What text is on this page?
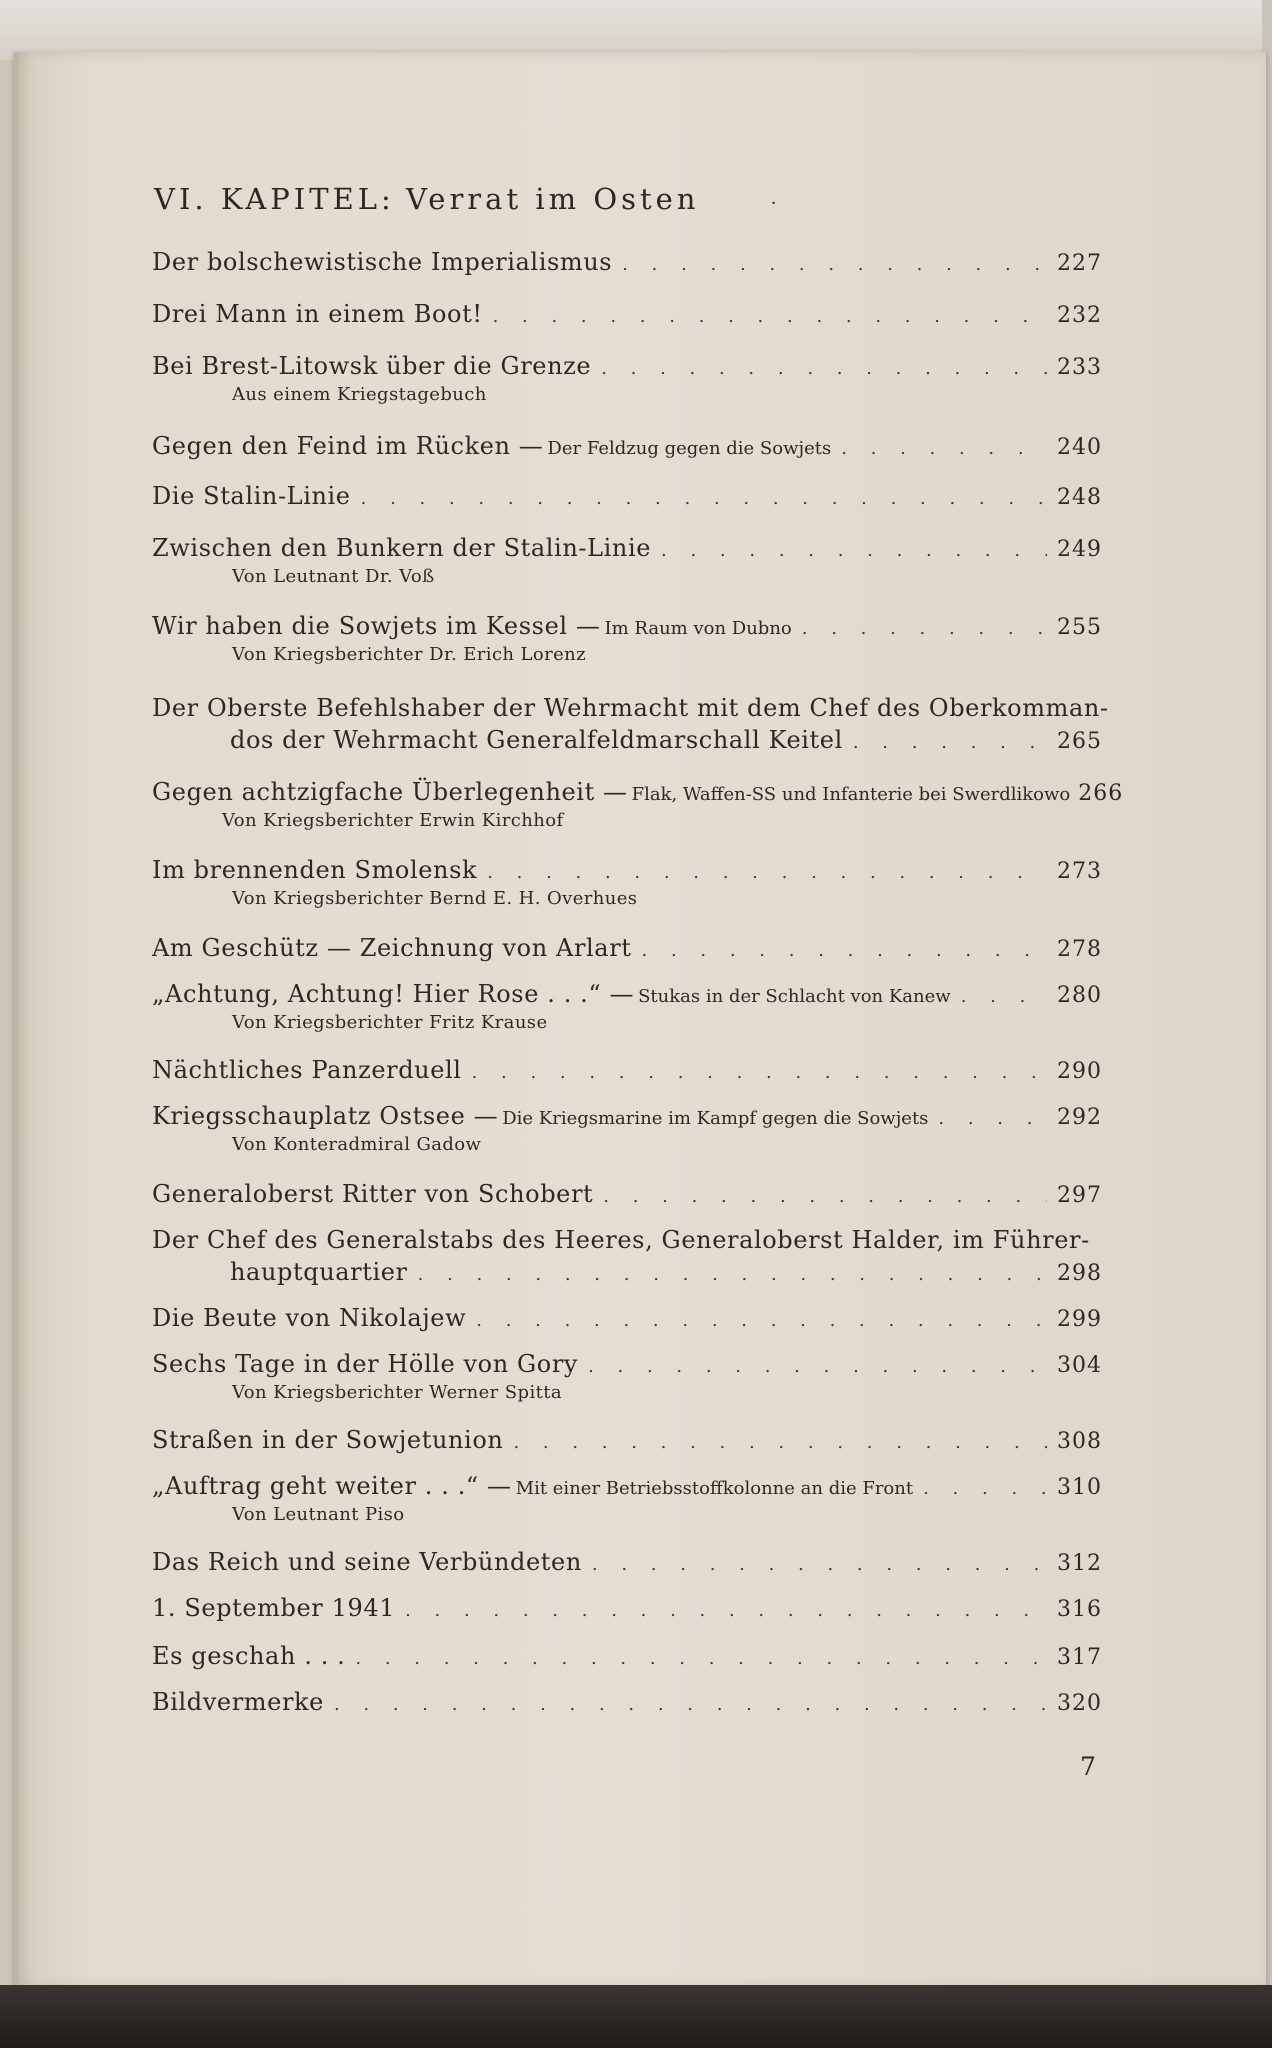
VI. KAPITEL: Verrat im Osten	·
Der bolschewistische Imperialismus . . .	227
Drei Mann in einem Boot! . . .	232
Bei Brest-Litowsk über die Grenze . . .	233
Aus einem Kriegstagebuch
Gegen den Feind im Rücken — Der Feldzug gegen die Sowjets . . .	240
Die Stalin-Linie . . .	248
Zwischen den Bunkern der Stalin-Linie . . .	249
Von Leutnant Dr. Voß
Wir haben die Sowjets im Kessel — Im Raum von Dubno . . .	255
Von Kriegsberichter Dr. Erich Lorenz
Der Oberste Befehlshaber der Wehrmacht mit dem Chef des Oberkomman-
dos der Wehrmacht Generalfeldmarschall Keitel . . .	265
Gegen achtzigfache Überlegenheit — Flak, Waffen-SS und Infanterie bei Swerdlikowo 266
Von Kriegsberichter Erwin Kirchhof
Im brennenden Smolensk . . .	273
Von Kriegsberichter Bernd E. H. Overhues
Am Geschütz — Zeichnung von Arlart . . .	278
„Achtung, Achtung! Hier Rose . . .“ — Stukas in der Schlacht von Kanew . . .	280
Von Kriegsberichter Fritz Krause
Nächtliches Panzerduell . . .	290
Kriegsschauplatz Ostsee — Die Kriegsmarine im Kampf gegen die Sowjets . . .	292
Von Konteradmiral Gadow
Generaloberst Ritter von Schobert . . .	297
Der Chef des Generalstabs des Heeres, Generaloberst Halder, im Führer-
hauptquartier . . .	298
Die Beute von Nikolajew . . .	299
Sechs Tage in der Hölle von Gory . . .	304
Von Kriegsberichter Werner Spitta
Straßen in der Sowjetunion . . .	308
„Auftrag geht weiter . . .“ — Mit einer Betriebsstoffkolonne an die Front . . .	310
Von Leutnant Piso
Das Reich und seine Verbündeten . . .	312
1. September 1941 . . .	316
Es geschah . . . . . .	317
Bildvermerke . . .	320
7
